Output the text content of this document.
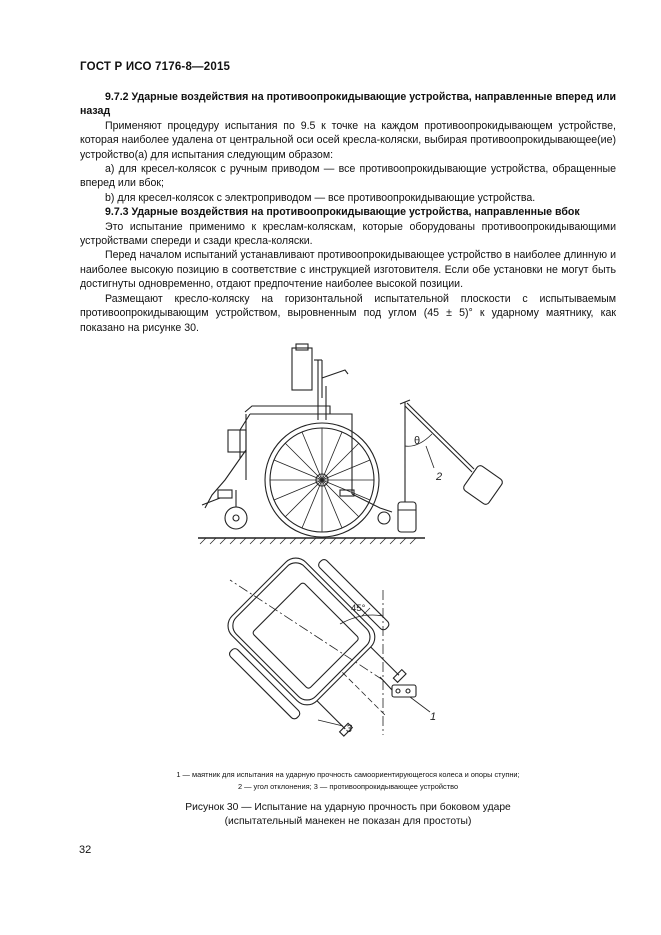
ГОСТ Р ИСО 7176-8—2015

9.7.2 Ударные воздействия на противоопрокидывающие устройства, направленные вперед или назад

Применяют процедуру испытания по 9.5 к точке на каждом противоопрокидывающем устройстве, которая наиболее удалена от центральной оси осей кресла-коляски, выбирая противоопрокидывающее(ие) устройство(а) для испытания следующим образом:

а) для кресел-колясок с ручным приводом — все противоопрокидывающие устройства, обращенные вперед или вбок;

b) для кресел-колясок с электроприводом — все противоопрокидывающие устройства.

9.7.3 Ударные воздействия на противоопрокидывающие устройства, направленные вбок

Это испытание применимо к креслам-коляскам, которые оборудованы противоопрокидывающими устройствами спереди и сзади кресла-коляски.

Перед началом испытаний устанавливают противоопрокидывающее устройство в наиболее длинную и наиболее высокую позицию в соответствие с инструкцией изготовителя. Если обе установки не могут быть достигнуты одновременно, отдают предпочтение наиболее высокой позиции.

Размещают кресло-коляску на горизонтальной испытательной плоскости с испытываемым противоопрокидывающим устройством, выровненным под углом (45 ± 5)° к ударному маятнику, как показано на рисунке 30.

θ
2
45°
1
3
1 — маятник для испытания на ударную прочность самоориентирующегося колеса и опоры ступни;
2 — угол отклонения; 3 — противоопрокидывающее устройство
Рисунок 30 — Испытание на ударную прочность при боковом ударе
(испытательный манекен не показан для простоты)
32
